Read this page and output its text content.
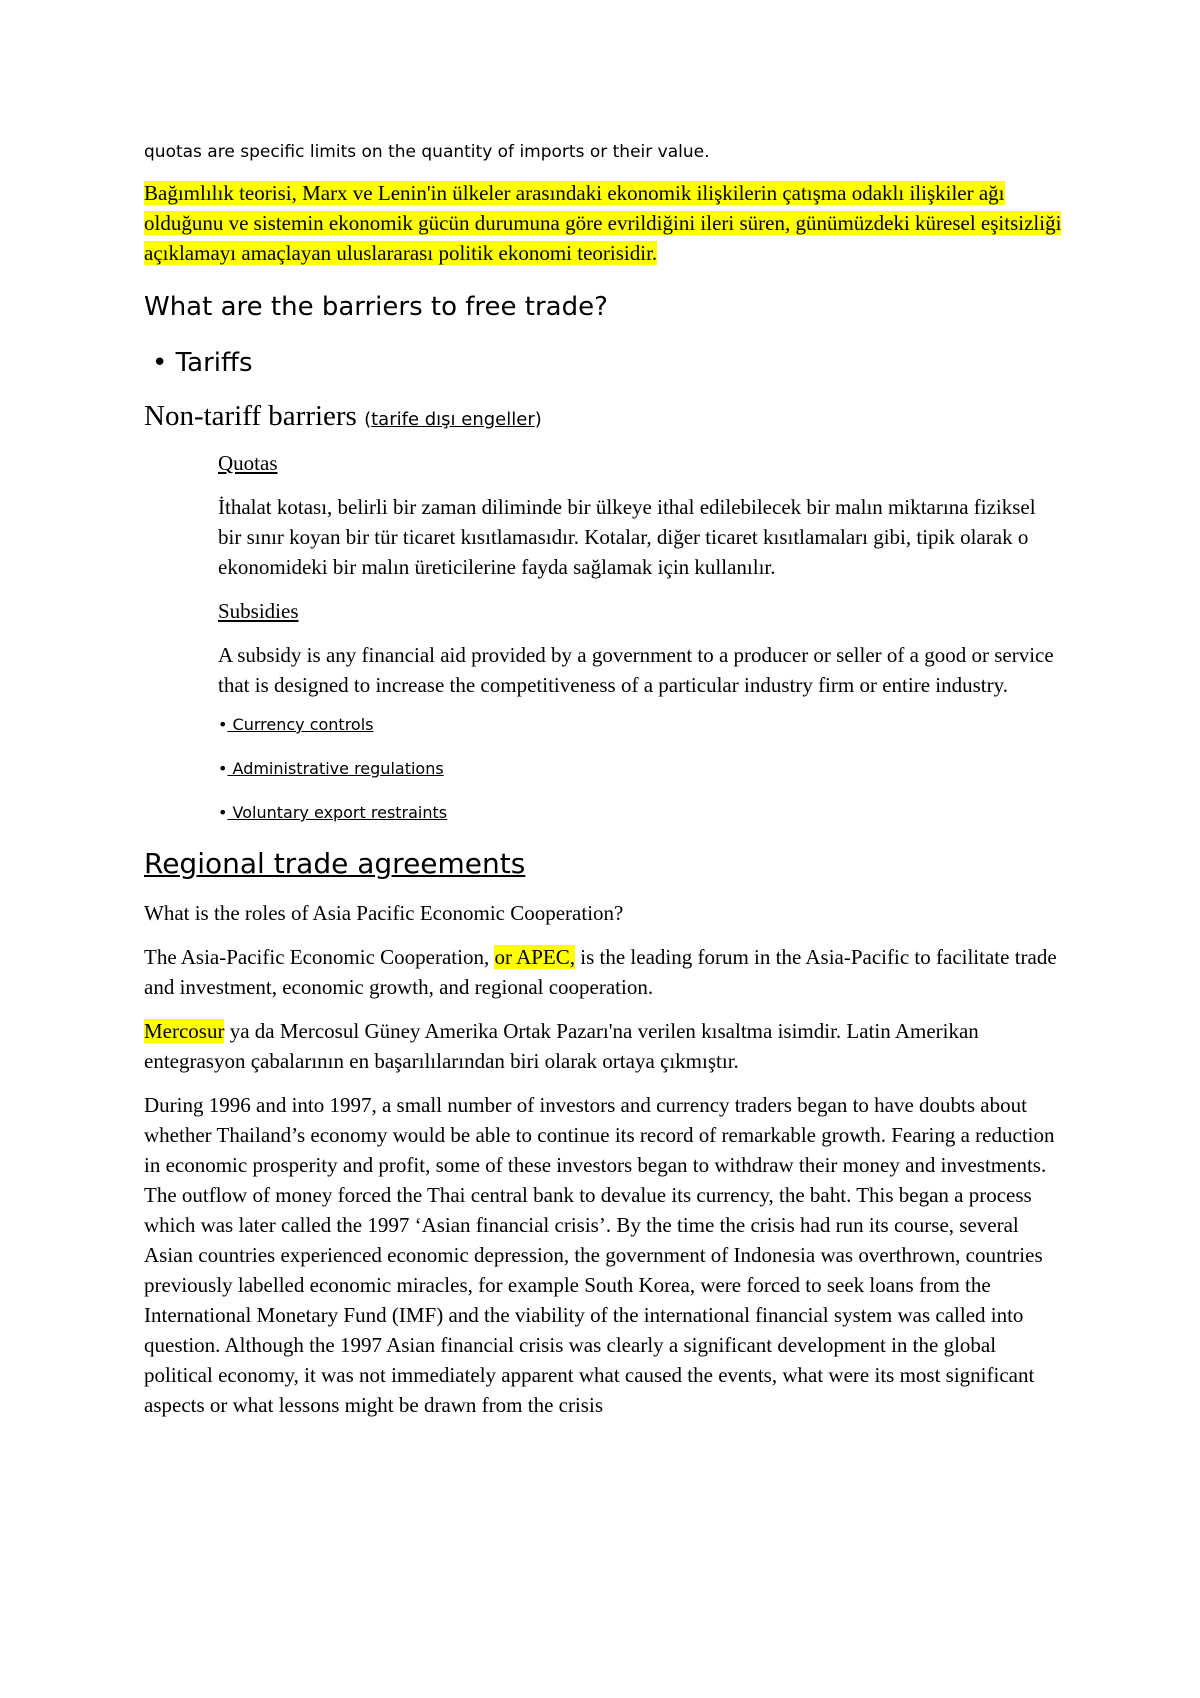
quotas are specific limits on the quantity of imports or their value.

Bağımlılık teorisi, Marx ve Lenin'in ülkeler arasındaki ekonomik ilişkilerin çatışma odaklı ilişkiler ağı olduğunu ve sistemin ekonomik gücün durumuna göre evrildiğini ileri süren, günümüzdeki küresel eşitsizliği açıklamayı amaçlayan uluslararası politik ekonomi teorisidir.

What are the barriers to free trade?
• Tariffs
Non-tariff barriers (tarife dışı engeller)

Quotas

İthalat kotası, belirli bir zaman diliminde bir ülkeye ithal edilebilecek bir malın miktarına fiziksel bir sınır koyan bir tür ticaret kısıtlamasıdır. Kotalar, diğer ticaret kısıtlamaları gibi, tipik olarak o ekonomideki bir malın üreticilerine fayda sağlamak için kullanılır.

Subsidies

A subsidy is any financial aid provided by a government to a producer or seller of a good or service that is designed to increase the competitiveness of a particular industry firm or entire industry.

• Currency controls
• Administrative regulations
• Voluntary export restraints
Regional trade agreements

What is the roles of Asia Pacific Economic Cooperation?

The Asia-Pacific Economic Cooperation, or APEC, is the leading forum in the Asia-Pacific to facilitate trade and investment, economic growth, and regional cooperation.

Mercosur ya da Mercosul Güney Amerika Ortak Pazarı'na verilen kısaltma isimdir. Latin Amerikan entegrasyon çabalarının en başarılılarından biri olarak ortaya çıkmıştır.

During 1996 and into 1997, a small number of investors and currency traders began to have doubts about whether Thailand’s economy would be able to continue its record of remarkable growth. Fearing a reduction in economic prosperity and profit, some of these investors began to withdraw their money and investments. The outflow of money forced the Thai central bank to devalue its currency, the baht. This began a process which was later called the 1997 ‘Asian financial crisis’. By the time the crisis had run its course, several Asian countries experienced economic depression, the government of Indonesia was overthrown, countries previously labelled economic miracles, for example South Korea, were forced to seek loans from the International Monetary Fund (IMF) and the viability of the international financial system was called into question. Although the 1997 Asian financial crisis was clearly a significant development in the global political economy, it was not immediately apparent what caused the events, what were its most significant aspects or what lessons might be drawn from the crisis
